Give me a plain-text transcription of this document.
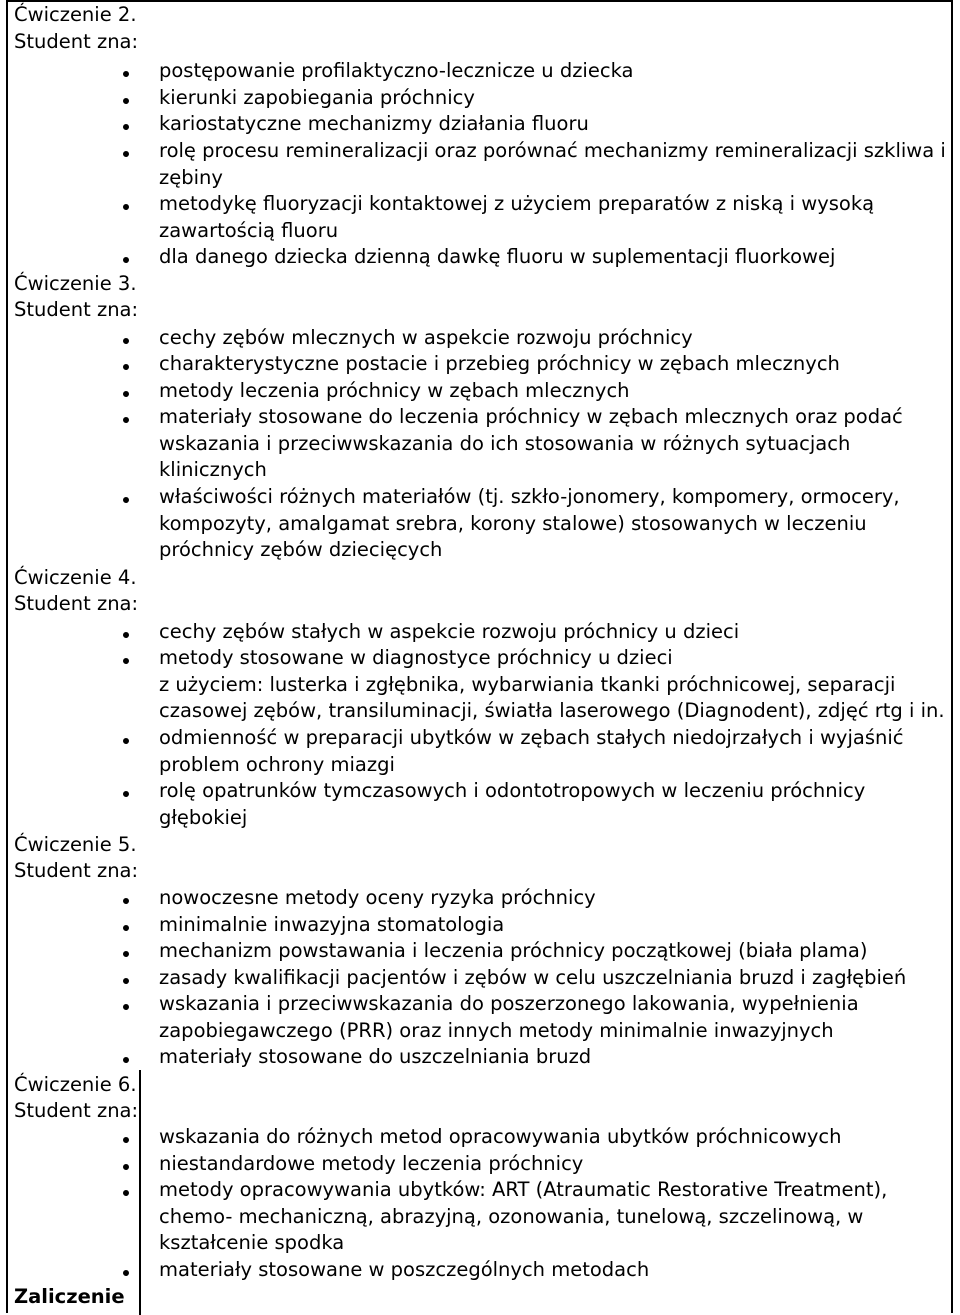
Ćwiczenie 2.
Student zna:
postępowanie profilaktyczno-lecznicze u dziecka
kierunki zapobiegania próchnicy
kariostatyczne mechanizmy działania fluoru
rolę procesu remineralizacji oraz porównać mechanizmy remineralizacji szkliwa i zębiny
metodykę fluoryzacji kontaktowej z użyciem preparatów z niską i wysoką zawartością fluoru
dla danego dziecka dzienną dawkę fluoru w suplementacji fluorkowej
Ćwiczenie 3.
Student zna:
cechy zębów mlecznych w aspekcie rozwoju próchnicy
charakterystyczne postacie i przebieg próchnicy w zębach mlecznych
metody leczenia próchnicy w zębach mlecznych
materiały stosowane do leczenia próchnicy w zębach mlecznych oraz podać wskazania i przeciwwskazania do ich stosowania w różnych sytuacjach klinicznych
właściwości różnych materiałów (tj. szkło-jonomery, kompomery, ormocery, kompozyty, amalgamat srebra, korony stalowe) stosowanych w leczeniu próchnicy zębów dziecięcych
Ćwiczenie 4.
Student zna:
cechy zębów stałych w aspekcie rozwoju próchnicy u dzieci
metody stosowane w diagnostyce próchnicy u dzieci
z użyciem: lusterka i zgłębnika, wybarwiania tkanki próchnicowej, separacji
czasowej zębów, transiluminacji, światła laserowego (Diagnodent), zdjęć rtg i in.
odmienność w preparacji ubytków w zębach stałych niedojrzałych i wyjaśnić problem ochrony miazgi
rolę opatrunków tymczasowych i odontotropowych w leczeniu próchnicy głębokiej
Ćwiczenie 5.
Student zna:
nowoczesne metody oceny ryzyka próchnicy
minimalnie inwazyjna stomatologia
mechanizm powstawania i leczenia próchnicy początkowej (biała plama)
zasady kwalifikacji pacjentów i zębów w celu uszczelniania bruzd i zagłębień
wskazania i przeciwwskazania do poszerzonego lakowania, wypełnienia zapobiegawczego (PRR) oraz innych metody minimalnie inwazyjnych
materiały stosowane do uszczelniania bruzd
Ćwiczenie 6.
Student zna:
wskazania do różnych metod opracowywania ubytków próchnicowych
niestandardowe metody leczenia próchnicy
metody opracowywania ubytków: ART (Atraumatic Restorative Treatment), chemo- mechaniczną, abrazyjną, ozonowania, tunelową, szczelinową, w kształcenie spodka
materiały stosowane w poszczególnych metodach
Zaliczenie
